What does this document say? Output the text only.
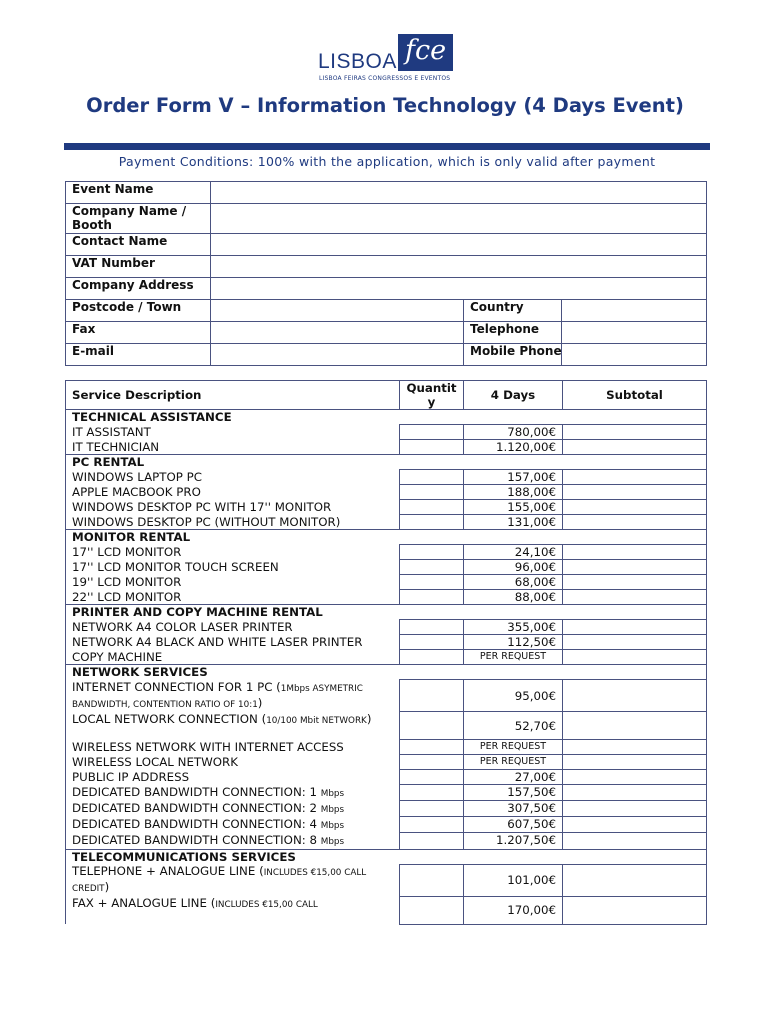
LISBOA fce
LISBOA FEIRAS CONGRESSOS E EVENTOS
Order Form V – Information Technology (4 Days Event)
Payment Conditions: 100% with the application, which is only valid after payment
Event Name			
Company Name / Booth			
Contact Name			
VAT Number			
Company Address			
Postcode / Town		Country	
Fax		Telephone	
E-mail		Mobile Phone	
Service Description	Quantity	4 Days	Subtotal
TECHNICAL ASSISTANCE			
IT ASSISTANT		780,00€	
IT TECHNICIAN		1.120,00€	
PC RENTAL			
WINDOWS LAPTOP PC		157,00€	
APPLE MACBOOK PRO		188,00€	
WINDOWS DESKTOP PC WITH 17'' MONITOR		155,00€	
WINDOWS DESKTOP PC (WITHOUT MONITOR)		131,00€	
MONITOR RENTAL			
17'' LCD MONITOR		24,10€	
17'' LCD MONITOR TOUCH SCREEN		96,00€	
19'' LCD MONITOR		68,00€	
22'' LCD MONITOR		88,00€	
PRINTER AND COPY MACHINE RENTAL			
NETWORK A4 COLOR LASER PRINTER		355,00€	
NETWORK A4 BLACK AND WHITE LASER PRINTER		112,50€	
COPY MACHINE		PER REQUEST	
NETWORK SERVICES			
INTERNET CONNECTION FOR 1 PC (1Mbps ASYMETRIC BANDWIDTH, CONTENTION RATIO OF 10:1)		95,00€	
LOCAL NETWORK CONNECTION (10/100 Mbit NETWORK)		52,70€	
WIRELESS NETWORK WITH INTERNET ACCESS		PER REQUEST	
WIRELESS LOCAL NETWORK		PER REQUEST	
PUBLIC IP ADDRESS		27,00€	
DEDICATED BANDWIDTH CONNECTION: 1 Mbps		157,50€	
DEDICATED BANDWIDTH CONNECTION: 2 Mbps		307,50€	
DEDICATED BANDWIDTH CONNECTION: 4 Mbps		607,50€	
DEDICATED BANDWIDTH CONNECTION: 8 Mbps		1.207,50€	
TELECOMMUNICATIONS SERVICES			
TELEPHONE + ANALOGUE LINE (INCLUDES €15,00 CALL CREDIT)		101,00€	
FAX + ANALOGUE LINE (INCLUDES €15,00 CALL		170,00€	
